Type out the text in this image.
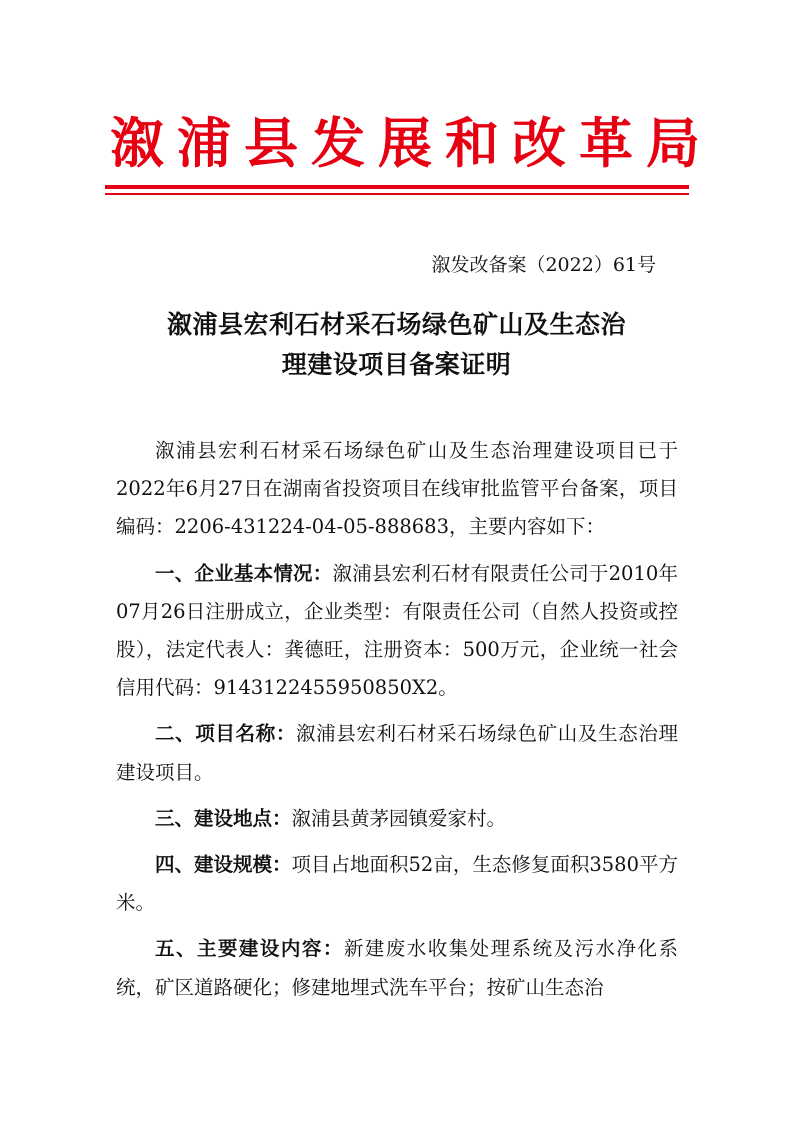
溆浦县发展和改革局
溆发改备案（2022）61号
溆浦县宏利石材采石场绿色矿山及生态治
理建设项目备案证明

溆浦县宏利石材采石场绿色矿山及生态治理建设项目已于2022年6月27日在湖南省投资项目在线审批监管平台备案，项目编码：2206-431224-04-05-888683，主要内容如下：

一、企业基本情况：溆浦县宏利石材有限责任公司于2010年07月26日注册成立，企业类型：有限责任公司（自然人投资或控股），法定代表人：龚德旺，注册资本：500万元，企业统一社会信用代码：9143122455950850X2。

二、项目名称：溆浦县宏利石材采石场绿色矿山及生态治理建设项目。

三、建设地点：溆浦县黄茅园镇爱家村。

四、建设规模：项目占地面积52亩，生态修复面积3580平方米。

五、主要建设内容：新建废水收集处理系统及污水净化系统，矿区道路硬化；修建地埋式洗车平台；按矿山生态治
